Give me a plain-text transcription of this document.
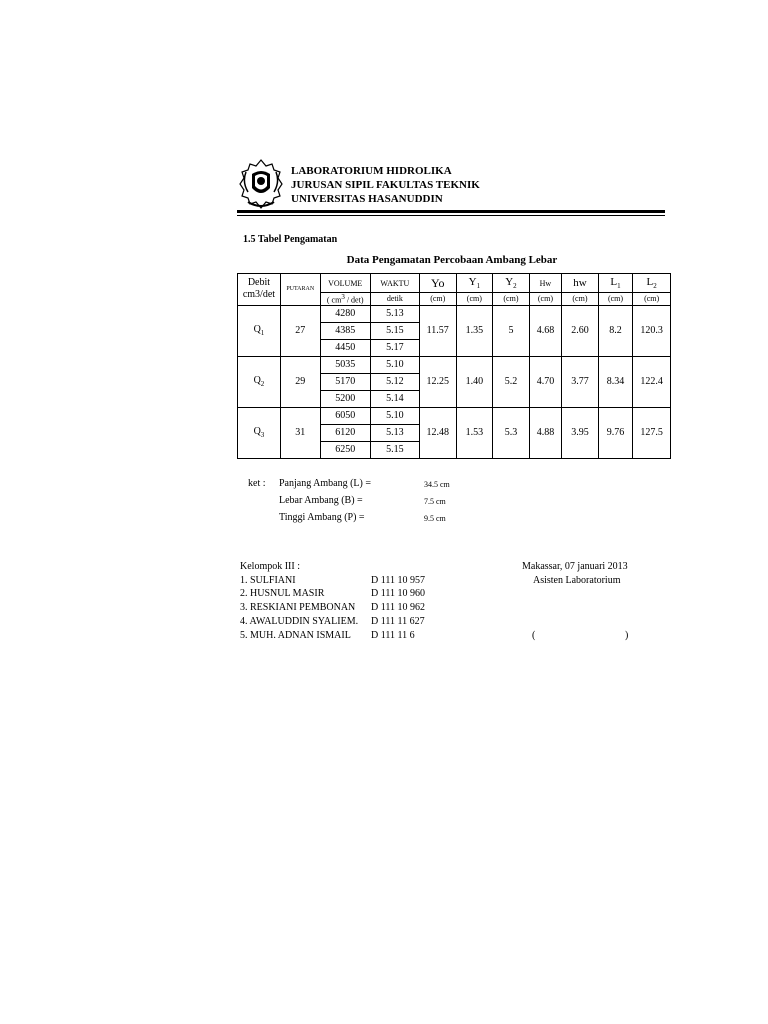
LABORATORIUM HIDROLIKA
JURUSAN SIPIL FAKULTAS TEKNIK
UNIVERSITAS HASANUDDIN
1.5 Tabel Pengamatan
Data Pengamatan Percobaan Ambang Lebar
Debit
cm3/det	PUTARAN	VOLUME	WAKTU	Yo	$Y_1$	$Y_2$	Hw	hw	$L_1$	$L_2$
		( $cm^3 / \det$)	detik	(cm)	(cm)	(cm)	(cm)	(cm)	(cm)	(cm)
$Q_1$	27	4280	5.13	11.57	1.35	5	4.68	2.60	8.2	120.3
		4385	5.15							
		4450	5.17							
$Q_2$	29	5035	5.10	12.25	1.40	5.2	4.70	3.77	8.34	122.4
		5170	5.12							
		5200	5.14							
$Q_3$	31	6050	5.10	12.48	1.53	5.3	4.88	3.95	9.76	127.5
		6120	5.13							
		6250	5.15							
ket : Panjang Ambang (L) =	34.5 cm
Lebar Ambang (B) =	7.5 cm
Tinggi Ambang (P) =	9.5 cm
Kelompok III :
1. SULFIANI	D 111 10 957
2. HUSNUL MASIR	D 111 10 960
3. RESKIANI PEMBONAN D 111 10 962
4. AWALUDDIN SYALIEM. D 111 11 627
5. MUH. ADNAN ISMAIL D 111 11 6
Makassar, 07 januari 2013
Asisten Laboratorium
(	)
